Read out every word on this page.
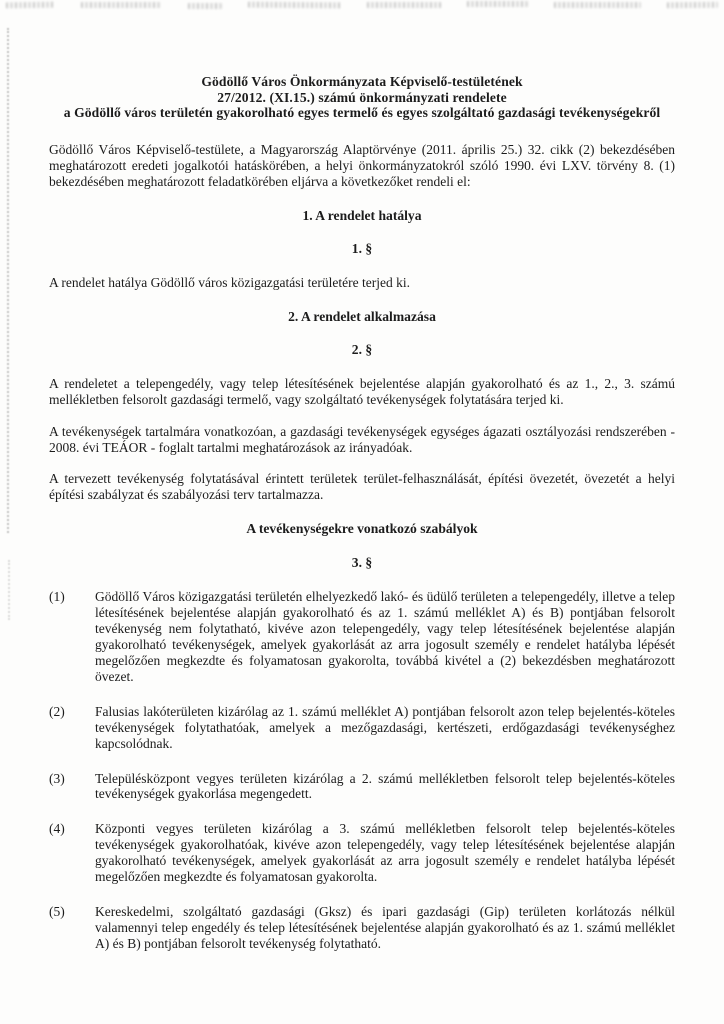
Gödöllő Város Önkormányzata Képviselő-testületének
27/2012. (XI.15.) számú önkormányzati rendelete
a Gödöllő város területén gyakorolható egyes termelő és egyes szolgáltató gazdasági tevékenységekről

Gödöllő Város Képviselő-testülete, a Magyarország Alaptörvénye (2011. április 25.) 32. cikk (2) bekezdésében meghatározott eredeti jogalkotói hatáskörében, a helyi önkormányzatokról szóló 1990. évi LXV. törvény 8. (1) bekezdésében meghatározott feladatkörében eljárva a következőket rendeli el:

1. A rendelet hatálya
1. §

A rendelet hatálya Gödöllő város közigazgatási területére terjed ki.

2. A rendelet alkalmazása
2. §

A rendeletet a telepengedély, vagy telep létesítésének bejelentése alapján gyakorolható és az 1., 2., 3. számú mellékletben felsorolt gazdasági termelő, vagy szolgáltató tevékenységek folytatására terjed ki.

A tevékenységek tartalmára vonatkozóan, a gazdasági tevékenységek egységes ágazati osztályozási rendszerében - 2008. évi TEÁOR - foglalt tartalmi meghatározások az irányadóak.

A tervezett tevékenység folytatásával érintett területek terület-felhasználását, építési övezetét, övezetét a helyi építési szabályzat és szabályozási terv tartalmazza.

A tevékenységekre vonatkozó szabályok
3. §
(1)	Gödöllő Város közigazgatási területén elhelyezkedő lakó- és üdülő területen a telepengedély, illetve a telep létesítésének bejelentése alapján gyakorolható és az 1. számú melléklet A) és B) pontjában felsorolt tevékenység nem folytatható, kivéve azon telepengedély, vagy telep létesítésének bejelentése alapján gyakorolható tevékenységek, amelyek gyakorlását az arra jogosult személy e rendelet hatályba lépését megelőzően megkezdte és folyamatosan gyakorolta, továbbá kivétel a (2) bekezdésben meghatározott övezet.
(2)	Falusias lakóterületen kizárólag az 1. számú melléklet A) pontjában felsorolt azon telep bejelentés-köteles tevékenységek folytathatóak, amelyek a mezőgazdasági, kertészeti, erdőgazdasági tevékenységhez kapcsolódnak.
(3)	Településközpont vegyes területen kizárólag a 2. számú mellékletben felsorolt telep bejelentés-köteles tevékenységek gyakorlása megengedett.
(4)	Központi vegyes területen kizárólag a 3. számú mellékletben felsorolt telep bejelentés-köteles tevékenységek gyakorolhatóak, kivéve azon telepengedély, vagy telep létesítésének bejelentése alapján gyakorolható tevékenységek, amelyek gyakorlását az arra jogosult személy e rendelet hatályba lépését megelőzően megkezdte és folyamatosan gyakorolta.
(5)	Kereskedelmi, szolgáltató gazdasági (Gksz) és ipari gazdasági (Gip) területen korlátozás nélkül valamennyi telep engedély és telep létesítésének bejelentése alapján gyakorolható és az 1. számú melléklet A) és B) pontjában felsorolt tevékenység folytatható.
